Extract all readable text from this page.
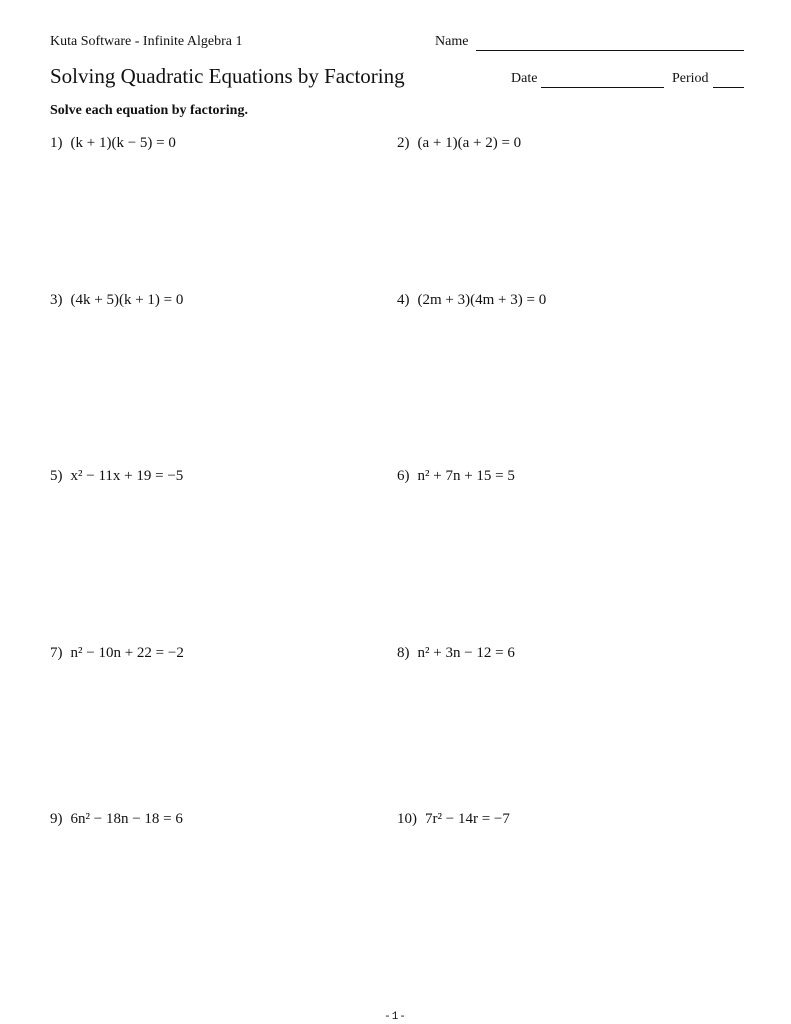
Kuta Software - Infinite Algebra 1	Name
Solving Quadratic Equations by Factoring	Date	Period
Solve each equation by factoring.
1) (k + 1)(k − 5) = 0	2) (a + 1)(a + 2) = 0
3) (4k + 5)(k + 1) = 0	4) (2m + 3)(4m + 3) = 0
5) x² − 11x + 19 = −5	6) n² + 7n + 15 = 5
7) n² − 10n + 22 = −2	8) n² + 3n − 12 = 6
9) 6n² − 18n − 18 = 6	10) 7r² − 14r = −7
-1-
